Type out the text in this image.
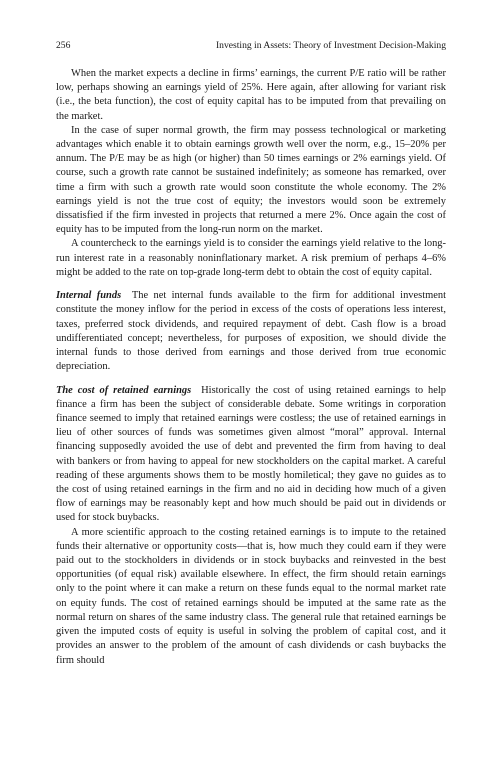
256	Investing in Assets: Theory of Investment Decision-Making

When the market expects a decline in firms’ earnings, the current P/E ratio will be rather low, perhaps showing an earnings yield of 25%. Here again, after allowing for variant risk (i.e., the beta function), the cost of equity capital has to be imputed from that prevailing on the market.

In the case of super normal growth, the firm may possess technological or marketing advantages which enable it to obtain earnings growth well over the norm, e.g., 15–20% per annum. The P/E may be as high (or higher) than 50 times earnings or 2% earnings yield. Of course, such a growth rate cannot be sustained indefinitely; as someone has remarked, over time a firm with such a growth rate would soon constitute the whole economy. The 2% earnings yield is not the true cost of equity; the investors would soon be extremely dissatisfied if the firm invested in projects that returned a mere 2%. Once again the cost of equity has to be imputed from the long-run norm on the market.

A countercheck to the earnings yield is to consider the earnings yield relative to the long-run interest rate in a reasonably noninflationary market. A risk premium of perhaps 4–6% might be added to the rate on top-grade long-term debt to obtain the cost of equity capital.

Internal funds The net internal funds available to the firm for additional investment constitute the money inflow for the period in excess of the costs of operations less interest, taxes, preferred stock dividends, and required repayment of debt. Cash flow is a broad undifferentiated concept; nevertheless, for purposes of exposition, we should divide the internal funds to those derived from earnings and those derived from true economic depreciation.

The cost of retained earnings Historically the cost of using retained earnings to help finance a firm has been the subject of considerable debate. Some writings in corporation finance seemed to imply that retained earnings were costless; the use of retained earnings in lieu of other sources of funds was sometimes given almost “moral” approval. Internal financing supposedly avoided the use of debt and prevented the firm from having to deal with bankers or from having to appeal for new stockholders on the capital market. A careful reading of these arguments shows them to be mostly homiletical; they gave no guides as to the cost of using retained earnings in the firm and no aid in deciding how much of a given flow of earnings may be reasonably kept and how much should be paid out in dividends or used for stock buybacks.

A more scientific approach to the costing retained earnings is to impute to the retained funds their alternative or opportunity costs—that is, how much they could earn if they were paid out to the stockholders in dividends or in stock buybacks and reinvested in the best opportunities (of equal risk) available elsewhere. In effect, the firm should retain earnings only to the point where it can make a return on these funds equal to the normal market rate on equity funds. The cost of retained earnings should be imputed at the same rate as the normal return on shares of the same industry class. The general rule that retained earnings be given the imputed costs of equity is useful in solving the problem of capital cost, and it provides an answer to the problem of the amount of cash dividends or cash buybacks the firm should
